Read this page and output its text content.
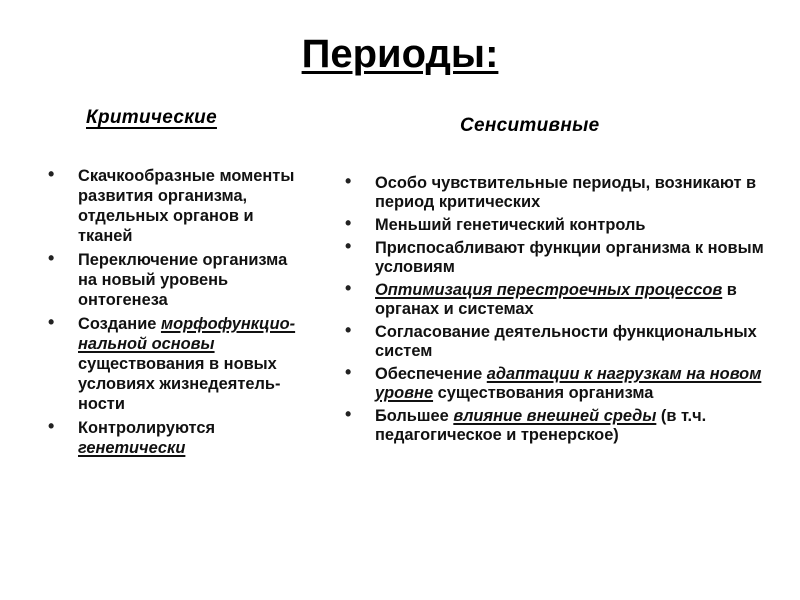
Периоды:
Критические	Сенситивные
• Скачкообразные моменты развития организма, отдельных органов и тканей
• Переключение организма на новый уровень онтогенеза
• Создание морфофункцио-нальной основы существования в новых условиях жизнедеятель-ности
• Контролируются генетически
• Особо чувствительные периоды, возникают в период критических
• Меньший генетический контроль
• Приспосабливают функции организма к новым условиям
• Оптимизация перестроечных процессов в органах и системах
• Согласование деятельности функциональных систем
• Обеспечение адаптации к нагрузкам на новом уровне существования организма
• Большее влияние внешней среды (в т.ч. педагогическое и тренерское)
